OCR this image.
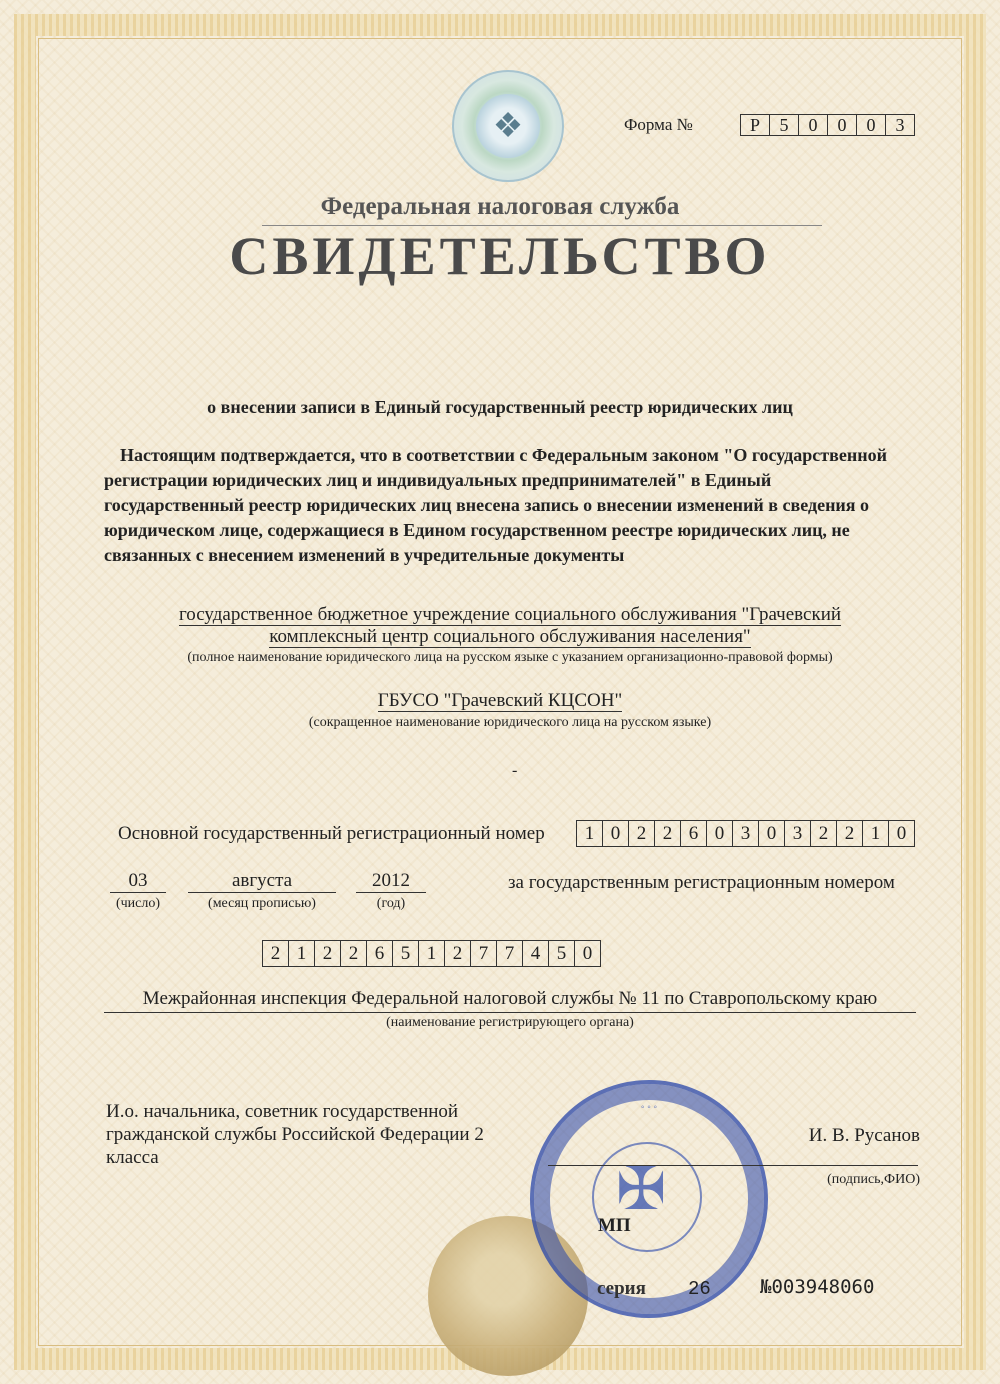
❖	Форма №	Р	5	0	0	0	3
Федеральная налоговая служба
СВИДЕТЕЛЬСТВО
о внесении записи в Единый государственный реестр юридических лиц
Настоящим подтверждается, что в соответствии с Федеральным законом "О государственной регистрации юридических лиц и индивидуальных предпринимателей" в Единый государственный реестр юридических лиц внесена запись о внесении изменений в сведения о юридическом лице, содержащиеся в Едином государственном реестре юридических лиц, не связанных с внесением изменений в учредительные документы
государственное бюджетное учреждение социального обслуживания "Грачевский
комплексный центр социального обслуживания населения"
(полное наименование юридического лица на русском языке с указанием организационно-правовой формы)
ГБУСО "Грачевский КЦСОН"
(сокращенное наименование юридического лица на русском языке)
-
Основной государственный регистрационный номер	1 0 2 2 6 0 3 0 3 2 2 1 0
03	августа	2012
(число)	(месяц прописью)	(год)
за государственным регистрационным номером
2 1 2 2 6 5 1 2 7 7 4 5 0
Межрайонная инспекция Федеральной налоговой службы № 11 по Ставропольскому краю
(наименование регистрирующего органа)
◦ ◦ ◦
✠
И.о. начальника, советник государственной гражданской службы Российской Федерации 2 класса
И. В. Русанов
(подпись,ФИО)
МП
серия 26	№003948060
